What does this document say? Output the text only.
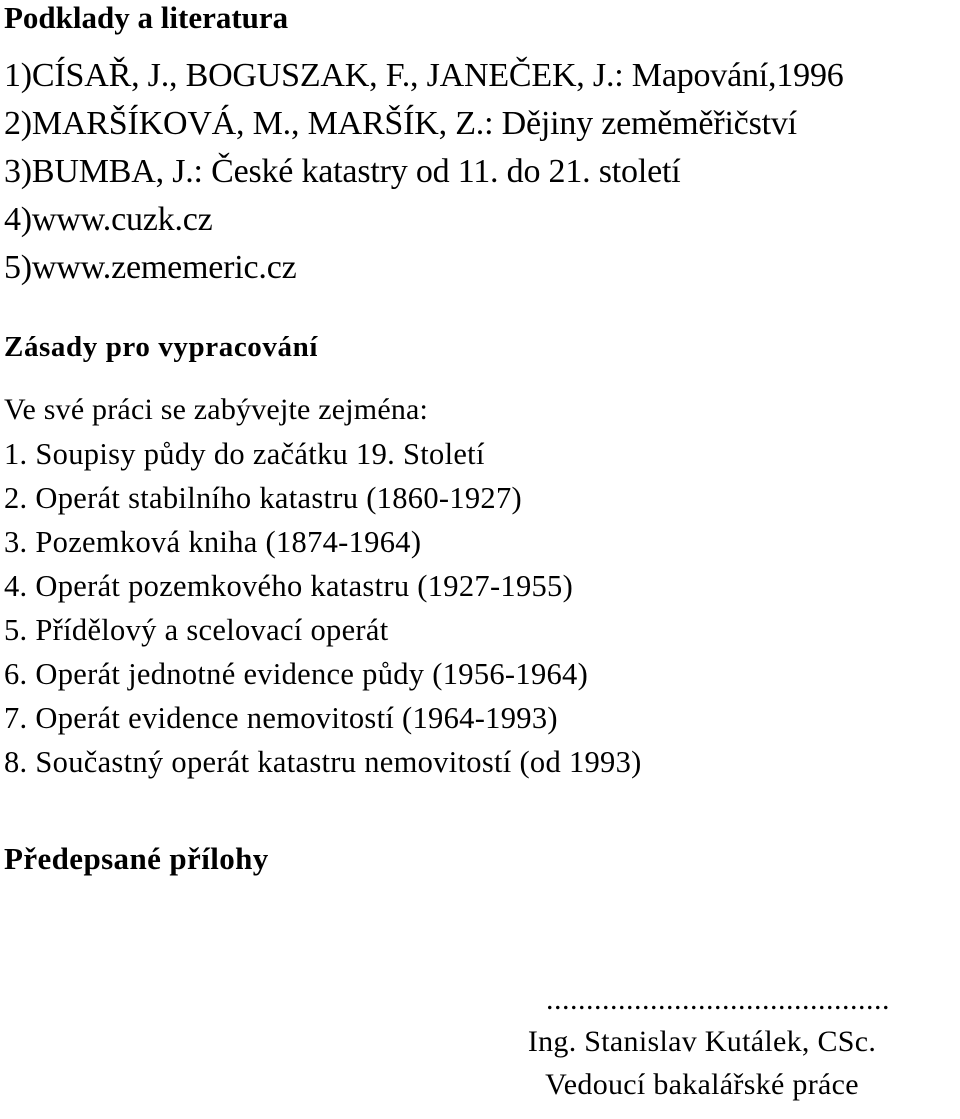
Podklady a literatura
1)CÍSAŘ, J., BOGUSZAK, F., JANEČEK, J.: Mapování,1996
2)MARŠÍKOVÁ, M., MARŠÍK, Z.: Dějiny zeměměřičství
3)BUMBA, J.: České katastry od 11. do 21. století
4)www.cuzk.cz
5)www.zememeric.cz
Zásady pro vypracování
Ve své práci se zabývejte zejména:
1. Soupisy půdy do začátku 19. Století
2. Operát stabilního katastru (1860-1927)
3. Pozemková kniha (1874-1964)
4. Operát pozemkového katastru (1927-1955)
5. Přídělový a scelovací operát
6. Operát jednotné evidence půdy (1956-1964)
7. Operát evidence nemovitostí (1964-1993)
8. Součastný operát katastru nemovitostí (od 1993)
Předepsané přílohy
...........................................
Ing. Stanislav Kutálek, CSc.
Vedoucí bakalářské práce
